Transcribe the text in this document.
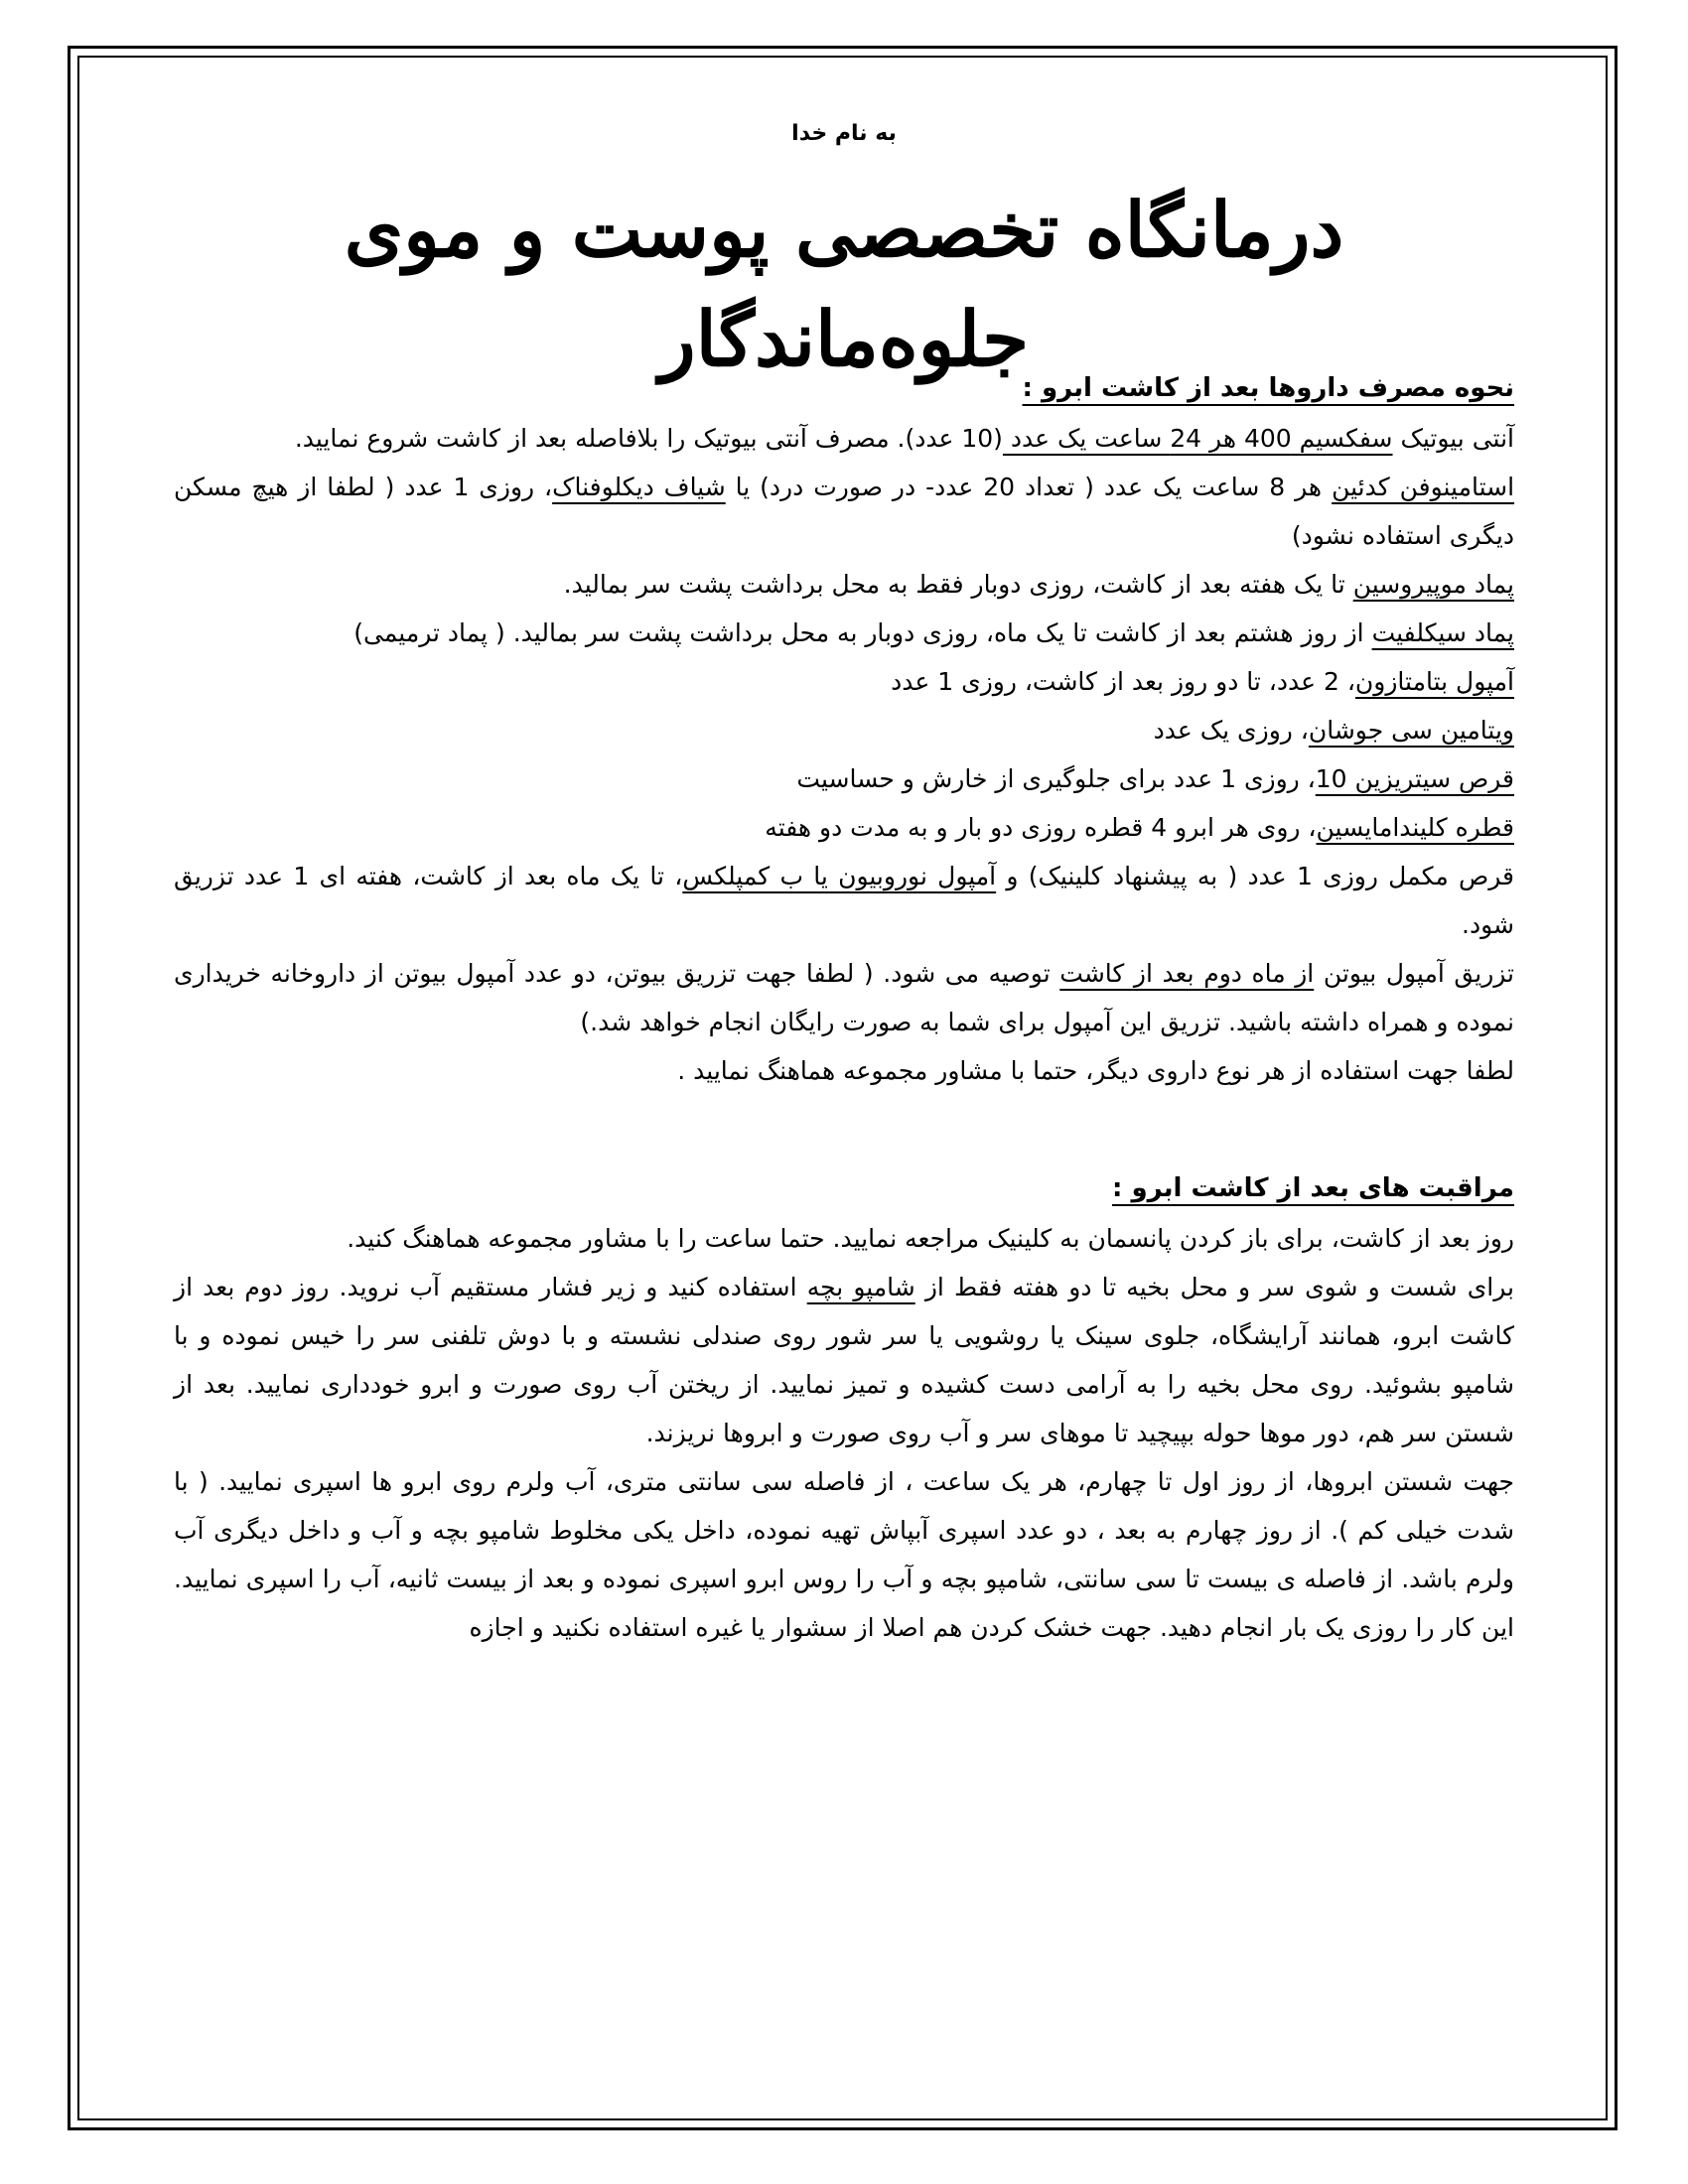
به نام خدا

درمانگاه تخصصی پوست و موی جلوه‌ماندگار
نحوه مصرف داروها بعد از کاشت ابرو :

آنتی بیوتیک سفکسیم 400 هر 24 ساعت یک عدد (10 عدد). مصرف آنتی بیوتیک را بلافاصله بعد از کاشت شروع نمایید.

استامینوفن کدئین هر 8 ساعت یک عدد ( تعداد 20 عدد- در صورت درد) یا شیاف دیکلوفناک، روزی 1 عدد ( لطفا از هیچ مسکن دیگری استفاده نشود)

پماد موپیروسین تا یک هفته بعد از کاشت، روزی دوبار فقط به محل برداشت پشت سر بمالید.

پماد سیکلفیت از روز هشتم بعد از کاشت تا یک ماه، روزی دوبار به محل برداشت پشت سر بمالید. ( پماد ترمیمی)

آمپول بتامتازون، 2 عدد، تا دو روز بعد از کاشت، روزی 1 عدد

ویتامین سی جوشان، روزی یک عدد

قرص سیتریزین 10، روزی 1 عدد برای جلوگیری از خارش و حساسیت

قطره کلیندامایسین، روی هر ابرو 4 قطره روزی دو بار و به مدت دو هفته

قرص مکمل روزی 1 عدد ( به پیشنهاد کلینیک) و آمپول نوروبیون یا ب کمپلکس، تا یک ماه بعد از کاشت، هفته ای 1 عدد تزریق شود.

تزریق آمپول بیوتن از ماه دوم بعد از کاشت توصیه می شود. ( لطفا جهت تزریق بیوتن، دو عدد آمپول بیوتن از داروخانه خریداری نموده و همراه داشته باشید. تزریق این آمپول برای شما به صورت رایگان انجام خواهد شد.)

لطفا جهت استفاده از هر نوع داروی دیگر، حتما با مشاور مجموعه هماهنگ نمایید .

مراقبت های بعد از کاشت ابرو :

روز بعد از کاشت، برای باز کردن پانسمان به کلینیک مراجعه نمایید. حتما ساعت را با مشاور مجموعه هماهنگ کنید.

برای شست و شوی سر و محل بخیه تا دو هفته فقط از شامپو بچه استفاده کنید و زیر فشار مستقیم آب نروید. روز دوم بعد از کاشت ابرو، همانند آرایشگاه، جلوی سینک یا روشویی یا سر شور روی صندلی نشسته و با دوش تلفنی سر را خیس نموده و با شامپو بشوئید. روی محل بخیه را به آرامی دست کشیده و تمیز نمایید. از ریختن آب روی صورت و ابرو خودداری نمایید. بعد از شستن سر هم، دور موها حوله بپیچید تا موهای سر و آب روی صورت و ابروها نریزند.

جهت شستن ابروها، از روز اول تا چهارم، هر یک ساعت ، از فاصله سی سانتی متری، آب ولرم روی ابرو ها اسپری نمایید. ( با شدت خیلی کم ). از روز چهارم به بعد ، دو عدد اسپری آبپاش تهیه نموده، داخل یکی مخلوط شامپو بچه و آب و داخل دیگری آب ولرم باشد. از فاصله ی بیست تا سی سانتی، شامپو بچه و آب را روس ابرو اسپری نموده و بعد از بیست ثانیه، آب را اسپری نمایید. این کار را روزی یک بار انجام دهید. جهت خشک کردن هم اصلا از سشوار یا غیره استفاده نکنید و اجازه
